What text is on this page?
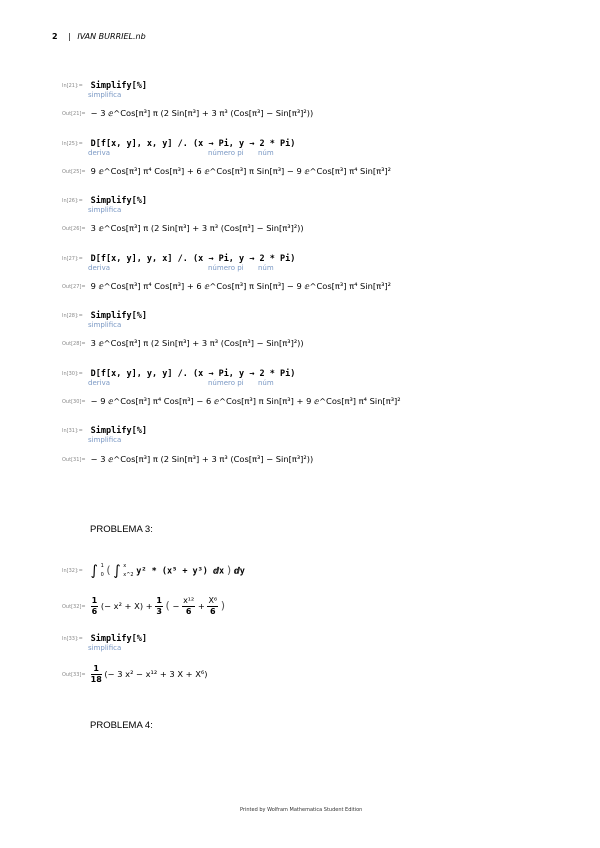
2 | IVAN BURRIEL.nb
In[21]:= Simplify[%]
simplifica
Out[21]= − 3 ⅇ^Cos[π³] π (2 Sin[π³] + 3 π³ (Cos[π³] − Sin[π³]²))
In[25]:= D[f[x, y], x, y] /. (x → Pi, y → 2 * Pi)
deriva	número pi núm
Out[25]= 9 ⅇ^Cos[π³] π⁴ Cos[π³] + 6 ⅇ^Cos[π³] π Sin[π³] − 9 ⅇ^Cos[π³] π⁴ Sin[π³]²
In[26]:= Simplify[%]
simplifica
Out[26]= 3 ⅇ^Cos[π³] π (2 Sin[π³] + 3 π³ (Cos[π³] − Sin[π³]²))
In[27]:= D[f[x, y], y, x] /. (x → Pi, y → 2 * Pi)
deriva	número pi núm
Out[27]= 9 ⅇ^Cos[π³] π⁴ Cos[π³] + 6 ⅇ^Cos[π³] π Sin[π³] − 9 ⅇ^Cos[π³] π⁴ Sin[π³]²
In[28]:= Simplify[%]
simplifica
Out[28]= 3 ⅇ^Cos[π³] π (2 Sin[π³] + 3 π³ (Cos[π³] − Sin[π³]²))
In[30]:= D[f[x, y], y, y] /. (x → Pi, y → 2 * Pi)
deriva	número pi núm
Out[30]= − 9 ⅇ^Cos[π³] π⁴ Cos[π³] − 6 ⅇ^Cos[π³] π Sin[π³] + 9 ⅇ^Cos[π³] π⁴ Sin[π³]²
In[31]:= Simplify[%]
simplifica
Out[31]= − 3 ⅇ^Cos[π³] π (2 Sin[π³] + 3 π³ (Cos[π³] − Sin[π³]²))
PROBLEMA 3:
In[32]:= ∫ 1
0 ( ∫ x
x^2 y² * (x⁵ + y³) ⅆx ) ⅆy
$Out[32]= \frac{1}{6}$ (− $x^2 + X) + \frac{1}{3}$ ( − $\frac{\text{x¹²}}{6} + \frac{\text{X⁶}}{6}$ )
In[33]:= Simplify[%]
simplifica
$Out[33]= \frac{1}{18}$ (− 3 x² − x¹² + 3 X + X⁶)
PROBLEMA 4:
Printed by Wolfram Mathematica Student Edition
